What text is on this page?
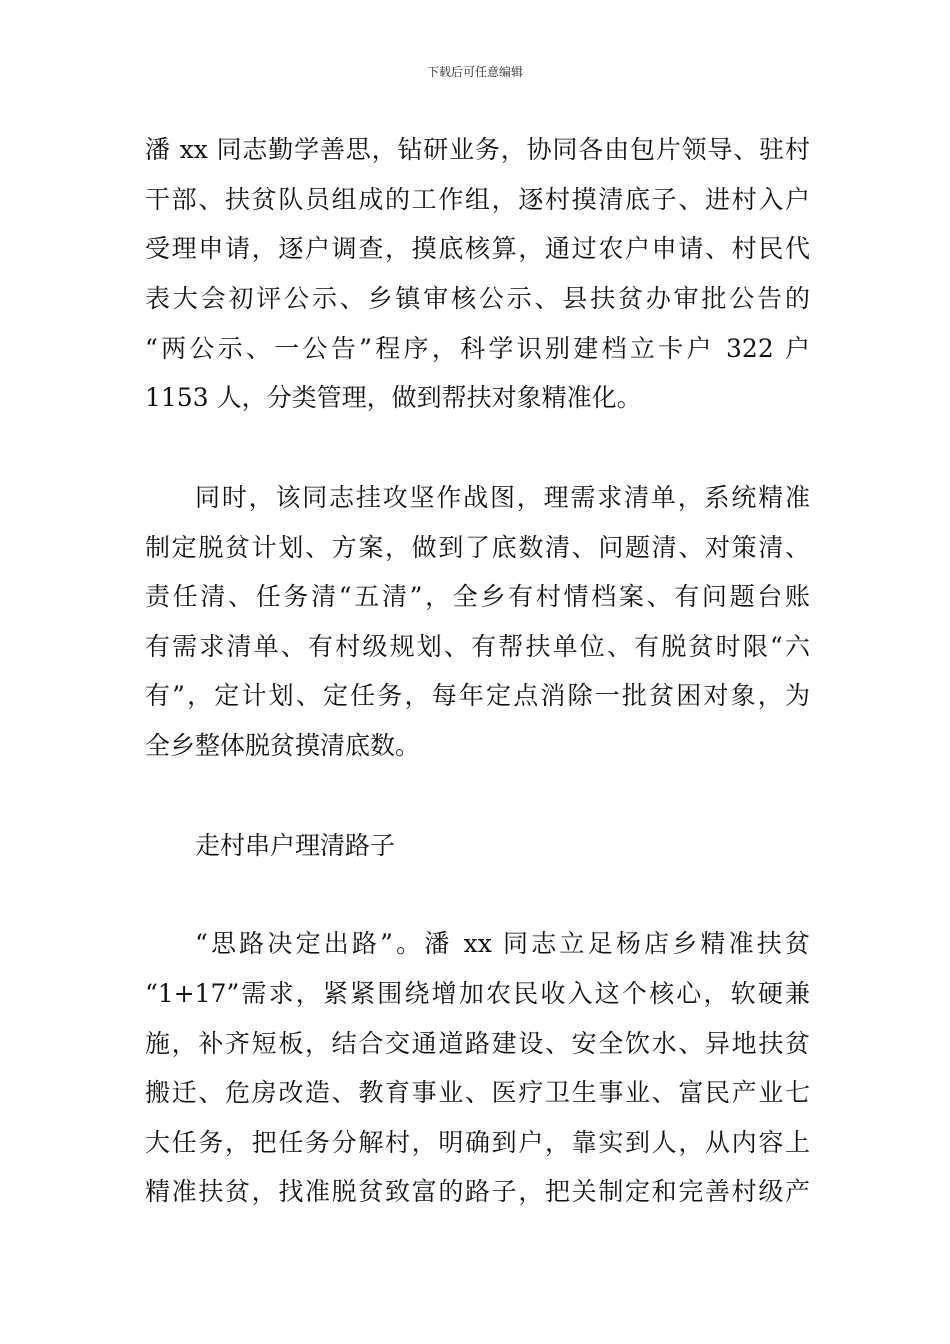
下载后可任意编辑
潘 xx 同志勤学善思，钻研业务，协同各由包片领导、驻村
干部、扶贫队员组成的工作组，逐村摸清底子、进村入户
受理申请，逐户调查，摸底核算，通过农户申请、村民代
表大会初评公示、乡镇审核公示、县扶贫办审批公告的
“两公示、一公告”程序，科学识别建档立卡户 322 户
1153 人，分类管理，做到帮扶对象精准化。
同时，该同志挂攻坚作战图，理需求清单，系统精准
制定脱贫计划、方案，做到了底数清、问题清、对策清、
责任清、任务清“五清”，全乡有村情档案、有问题台账
有需求清单、有村级规划、有帮扶单位、有脱贫时限“六
有”，定计划、定任务，每年定点消除一批贫困对象，为
全乡整体脱贫摸清底数。
走村串户理清路子
“思路决定出路”。潘 xx 同志立足杨店乡精准扶贫
“1+17”需求，紧紧围绕增加农民收入这个核心，软硬兼
施，补齐短板，结合交通道路建设、安全饮水、异地扶贫
搬迁、危房改造、教育事业、医疗卫生事业、富民产业七
大任务，把任务分解村，明确到户，靠实到人，从内容上
精准扶贫，找准脱贫致富的路子，把关制定和完善村级产
